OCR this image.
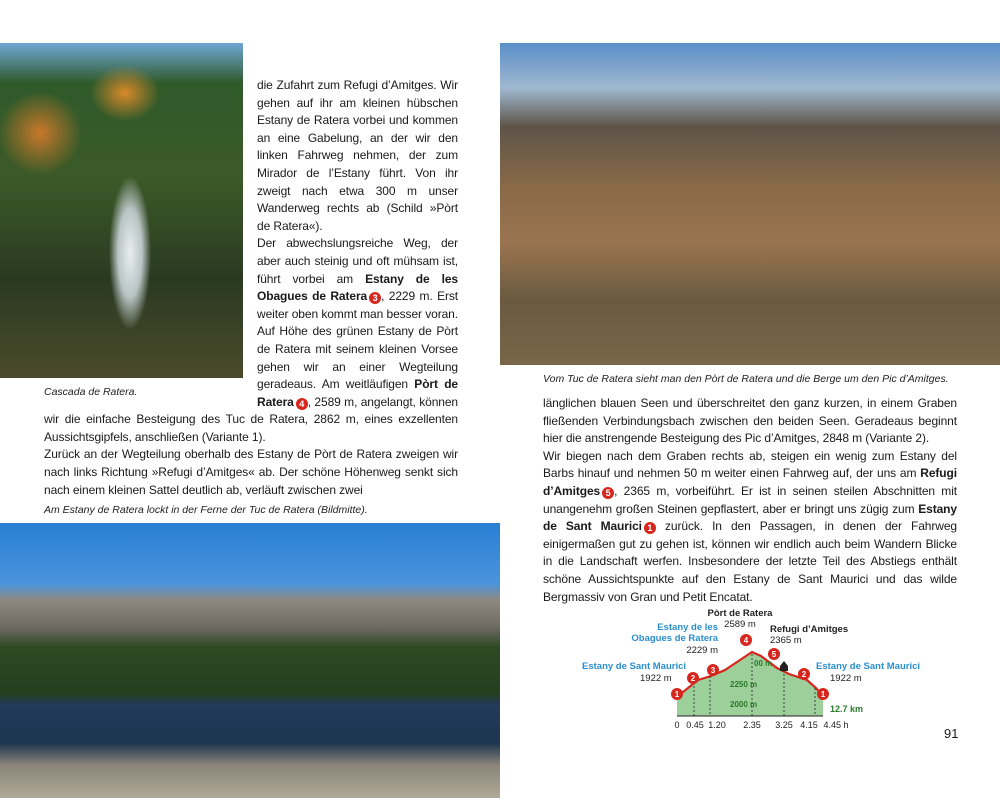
Vom Tuc de Ratera sieht man den Pòrt de Ratera und die Berge um den Pic d’Amitges.
Cascada de Ratera.

die Zufahrt zum Refugi d’Amitges. Wir gehen auf ihr am kleinen hübschen Estany de Ratera vorbei und kommen an eine Gabelung, an der wir den linken Fahrweg nehmen, der zum Mirador de l’Estany führt. Von ihr zweigt nach etwa 300 m unser Wanderweg rechts ab (Schild »Pòrt de Ratera«).

Der abwechslungsreiche Weg, der aber auch steinig und oft mühsam ist, führt vorbei am Estany de les Obagues de Ratera 3 , 2229 m. Erst weiter oben kommt man besser voran. Auf Höhe des grünen Estany de Pòrt de Ratera mit seinem kleinen Vorsee gehen wir an einer Wegteilung geradeaus. Am weitläufigen Pòrt de Ratera 4 , 2589 m, angelangt, können wir die einfache Besteigung des Tuc de Ratera, 2862 m, eines exzellenten Aussichtsgipfels, anschließen (Variante 1).

Zurück an der Wegteilung oberhalb des Estany de Pòrt de Ratera zweigen wir nach links Richtung »Refugi d’Amitges« ab. Der schöne Höhenweg senkt sich nach einem kleinen Sattel deutlich ab, verläuft zwischen zwei
Am Estany de Ratera lockt in der Ferne der Tuc de Ratera (Bildmitte).

länglichen blauen Seen und überschreitet den ganz kurzen, in einem Graben fließenden Verbindungsbach zwischen den beiden Seen. Geradeaus beginnt hier die anstrengende Besteigung des Pic d’Amitges, 2848 m (Variante 2).

Wir biegen nach dem Graben rechts ab, steigen ein wenig zum Estany del Barbs hinauf und nehmen 50 m weiter einen Fahrweg auf, der uns am Refugi d’Amitges 5 , 2365 m, vorbeiführt. Er ist in seinen steilen Abschnitten mit unangenehm großen Steinen gepflastert, aber er bringt uns zügig zum Estany de Sant Maurici 1 zurück. In den Passagen, in denen der Fahrweg einigermaßen gut zu gehen ist, können wir endlich auch beim Wandern Blicke in die Landschaft werfen. Insbesondere der letzte Teil des Abstiegs enthält schöne Aussichtspunkte auf den Estany de Sant Maurici und das wilde Bergmassiv von Gran und Petit Encatat.

Pòrt de Ratera
2589 m
Estany de les
Obagues de Ratera
2229 m
Refugi d’Amitges
2365 m
Estany de Sant Maurici
1922 m
Estany de Sant Maurici
1922 m
1
2
3
4
5
2
1
00 m
2250 m
2000 m	12.7 km
0 0.45 1.20 2.35 3.25 4.15 4.45 h
91
